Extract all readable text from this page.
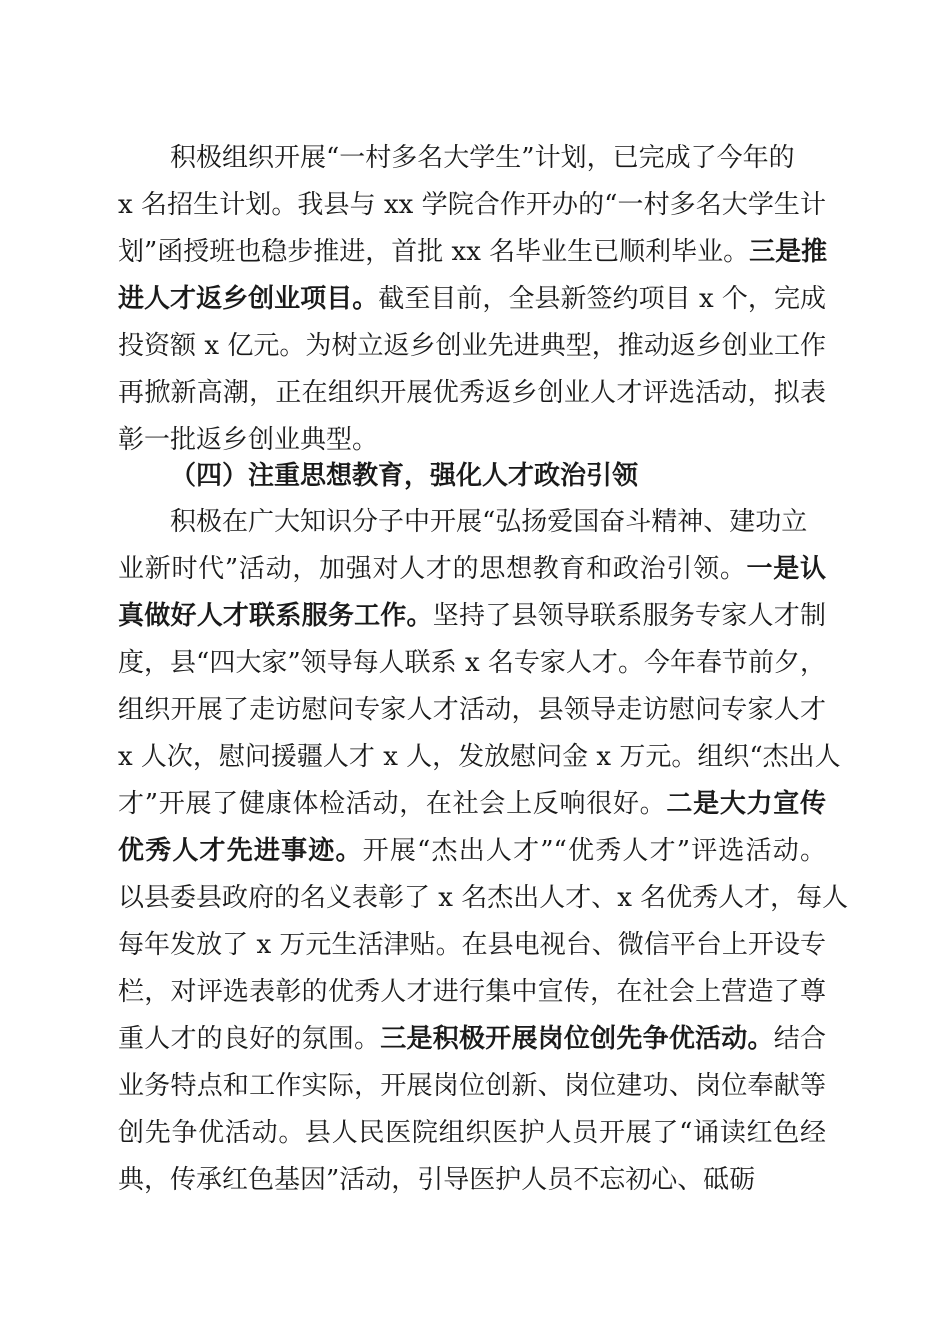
积极组织开展“一村多名大学生”计划，已完成了今年的
x 名招生计划。我县与 xx 学院合作开办的“一村多名大学生计
划”函授班也稳步推进，首批 xx 名毕业生已顺利毕业。三是推
进人才返乡创业项目。截至目前，全县新签约项目 x 个，完成
投资额 x 亿元。为树立返乡创业先进典型，推动返乡创业工作
再掀新高潮，正在组织开展优秀返乡创业人才评选活动，拟表
彰一批返乡创业典型。
（四）注重思想教育，强化人才政治引领
积极在广大知识分子中开展“弘扬爱国奋斗精神、建功立
业新时代”活动，加强对人才的思想教育和政治引领。一是认
真做好人才联系服务工作。坚持了县领导联系服务专家人才制
度，县“四大家”领导每人联系 x 名专家人才。今年春节前夕，
组织开展了走访慰问专家人才活动，县领导走访慰问专家人才
x 人次，慰问援疆人才 x 人，发放慰问金 x 万元。组织“杰出人
才”开展了健康体检活动，在社会上反响很好。二是大力宣传
优秀人才先进事迹。开展“杰出人才”“优秀人才”评选活动。
以县委县政府的名义表彰了 x 名杰出人才、x 名优秀人才，每人
每年发放了 x 万元生活津贴。在县电视台、微信平台上开设专
栏，对评选表彰的优秀人才进行集中宣传，在社会上营造了尊
重人才的良好的氛围。三是积极开展岗位创先争优活动。结合
业务特点和工作实际，开展岗位创新、岗位建功、岗位奉献等
创先争优活动。县人民医院组织医护人员开展了“诵读红色经
典，传承红色基因”活动，引导医护人员不忘初心、砥砺
